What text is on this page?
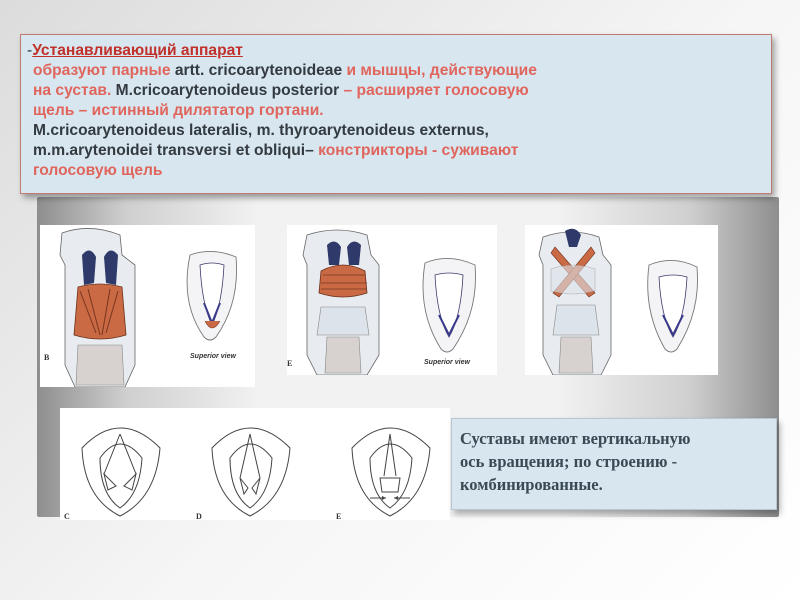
-Устанавливающий аппарат
образуют парные artt. cricoarytenoideae и мышцы, действующие
на сустав. M.cricoarytenoideus posterior – расширяет голосовую
щель – истинный дилятатор гортани.
М.cricoarytenoideus lateralis, m. thyroarytenoideus externus,
m.m.arytenoidei transversi et obliqui– констрикторы - суживают
голосовую щель
B	Superior view
E	Superior view
C	D	E
Суставы имеют вертикальную
ось вращения; по строению -
комбинированные.
